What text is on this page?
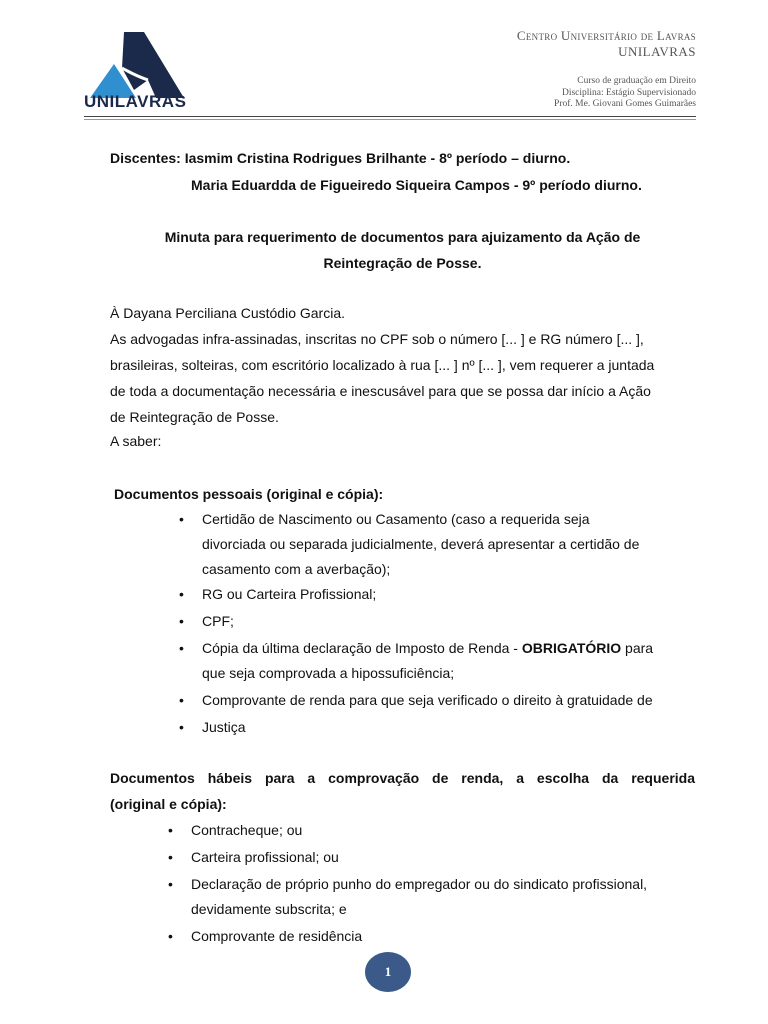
UNILAVRAS
Centro Universitário de Lavras
UNILAVRAS
Curso de graduação em Direito
Disciplina: Estágio Supervisionado
Prof. Me. Giovani Gomes Guimarães
Discentes: Iasmim Cristina Rodrigues Brilhante - 8º período – diurno.
Maria Eduardda de Figueiredo Siqueira Campos - 9º período diurno.
Minuta para requerimento de documentos para ajuizamento da Ação de
Reintegração de Posse.
À Dayana Perciliana Custódio Garcia.
As advogadas infra-assinadas, inscritas no CPF sob o número [... ] e RG número [... ],
brasileiras, solteiras, com escritório localizado à rua [... ] nº [... ], vem requerer a juntada
de toda a documentação necessária e inescusável para que se possa dar início a Ação
de Reintegração de Posse.
A saber:
Documentos pessoais (original e cópia):
• Certidão de Nascimento ou Casamento (caso a requerida seja
divorciada ou separada judicialmente, deverá apresentar a certidão de
casamento com a averbação);
• RG ou Carteira Profissional;
• CPF;
• Cópia da última declaração de Imposto de Renda - OBRIGATÓRIO para
que seja comprovada a hipossuficiência;
• Comprovante de renda para que seja verificado o direito à gratuidade de
• Justiça
Documentos hábeis para a comprovação de renda, a escolha da requerida
(original e cópia):
• Contracheque; ou
• Carteira profissional; ou
• Declaração de próprio punho do empregador ou do sindicato profissional,
devidamente subscrita; e
• Comprovante de residência
1
